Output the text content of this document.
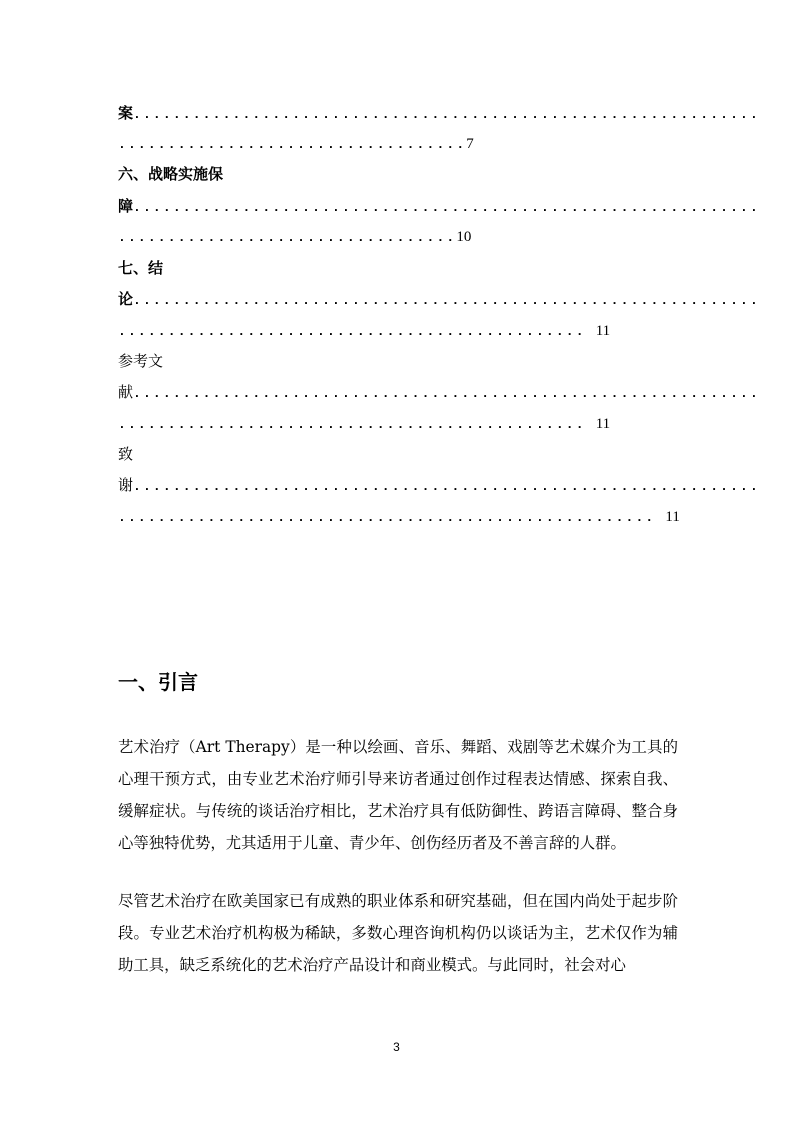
案...............................................................
...................................7
六、战略实施保
障...............................................................
..................................10
七、结
论...............................................................
............................................... 11
参考文
献...............................................................
............................................... 11
致
谢...............................................................
...................................................... 11
一、引言
艺术治疗（Art Therapy）是一种以绘画、音乐、舞蹈、戏剧等艺术媒介为工具的心理干预方式，由专业艺术治疗师引导来访者通过创作过程表达情感、探索自我、缓解症状。与传统的谈话治疗相比，艺术治疗具有低防御性、跨语言障碍、整合身心等独特优势，尤其适用于儿童、青少年、创伤经历者及不善言辞的人群。
尽管艺术治疗在欧美国家已有成熟的职业体系和研究基础，但在国内尚处于起步阶段。专业艺术治疗机构极为稀缺，多数心理咨询机构仍以谈话为主，艺术仅作为辅助工具，缺乏系统化的艺术治疗产品设计和商业模式。与此同时，社会对心
3
